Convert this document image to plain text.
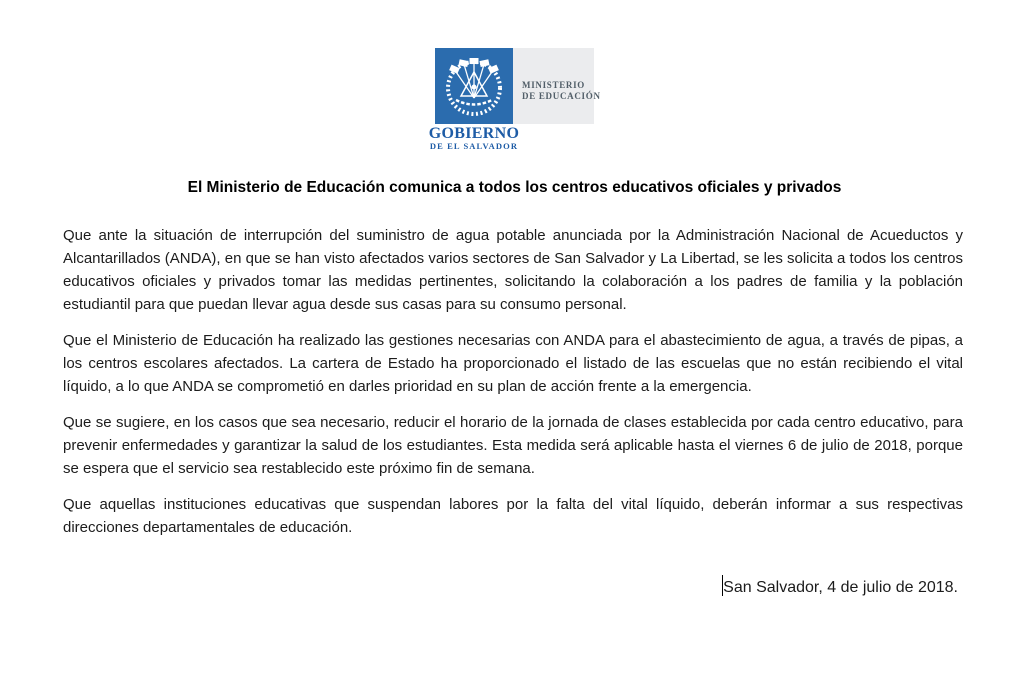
GOBIERNO
DE EL SALVADOR
MINISTERIO
DE EDUCACIÓN
El Ministerio de Educación comunica a todos los centros educativos oficiales y privados

Que ante la situación de interrupción del suministro de agua potable anunciada por la Administración Nacional de Acueductos y Alcantarillados (ANDA), en que se han visto afectados varios sectores de San Salvador y La Libertad, se les solicita a todos los centros educativos oficiales y privados tomar las medidas pertinentes, solicitando la colaboración a los padres de familia y la población estudiantil para que puedan llevar agua desde sus casas para su consumo personal.

Que el Ministerio de Educación ha realizado las gestiones necesarias con ANDA para el abastecimiento de agua, a través de pipas, a los centros escolares afectados. La cartera de Estado ha proporcionado el listado de las escuelas que no están recibiendo el vital líquido, a lo que ANDA se comprometió en darles prioridad en su plan de acción frente a la emergencia.

Que se sugiere, en los casos que sea necesario, reducir el horario de la jornada de clases establecida por cada centro educativo, para prevenir enfermedades y garantizar la salud de los estudiantes. Esta medida será aplicable hasta el viernes 6 de julio de 2018, porque se espera que el servicio sea restablecido este próximo fin de semana.

Que aquellas instituciones educativas que suspendan labores por la falta del vital líquido, deberán informar a sus respectivas direcciones departamentales de educación.

San Salvador, 4 de julio de 2018.
